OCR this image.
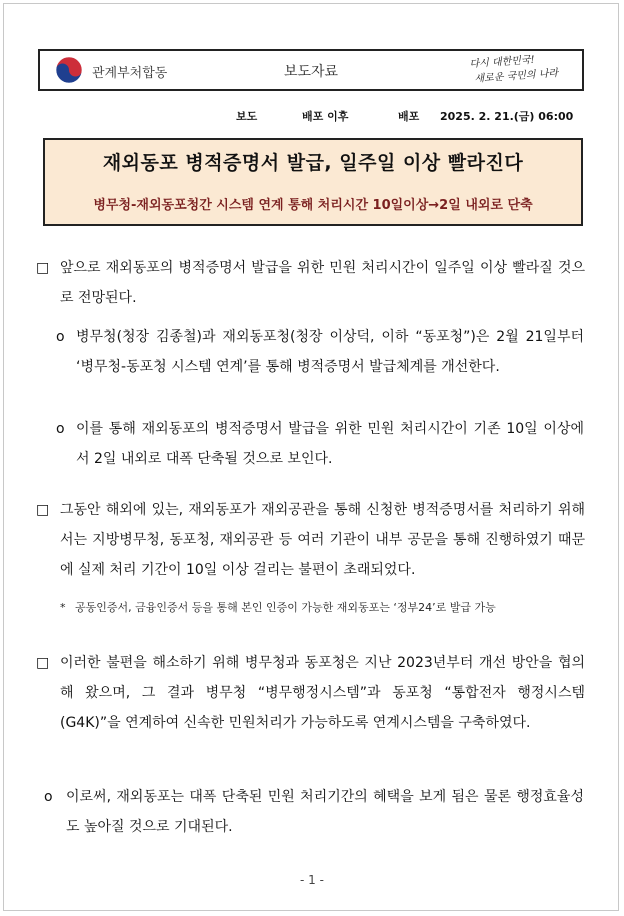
관계부처합동	보도자료
다시 대한민국!
새로운 국민의 나라
보도	배포 이후	배포 2025. 2. 21.(금) 06:00
재외동포 병적증명서 발급, 일주일 이상 빨라진다
병무청-재외동포청간 시스템 연계 통해 처리시간 10일이상→2일 내외로 단축
□ 앞으로 재외동포의 병적증명서 발급을 위한 민원 처리시간이 일주일 이상 빨라질 것으로 전망된다.
o 병무청(청장 김종철)과 재외동포청(청장 이상덕, 이하 “동포청”)은 2월 21일부터 ‘병무청-동포청 시스템 연계’를 통해 병적증명서 발급체계를 개선한다.
o 이를 통해 재외동포의 병적증명서 발급을 위한 민원 처리시간이 기존 10일 이상에서 2일 내외로 대폭 단축될 것으로 보인다.
□ 그동안 해외에 있는, 재외동포가 재외공관을 통해 신청한 병적증명서를 처리하기 위해서는 지방병무청, 동포청, 재외공관 등 여러 기관이 내부 공문을 통해 진행하였기 때문에 실제 처리 기간이 10일 이상 걸리는 불편이 초래되었다.
* 공동인증서, 금융인증서 등을 통해 본인 인증이 가능한 재외동포는 ‘정부24’로 발급 가능
□ 이러한 불편을 해소하기 위해 병무청과 동포청은 지난 2023년부터 개선 방안을 협의해 왔으며, 그 결과 병무청 “병무행정시스템”과 동포청 “통합전자 행정시스템(G4K)”을 연계하여 신속한 민원처리가 가능하도록 연계시스템을 구축하였다.
o 이로써, 재외동포는 대폭 단축된 민원 처리기간의 혜택을 보게 됨은 물론 행정효율성도 높아질 것으로 기대된다.
- 1 -
